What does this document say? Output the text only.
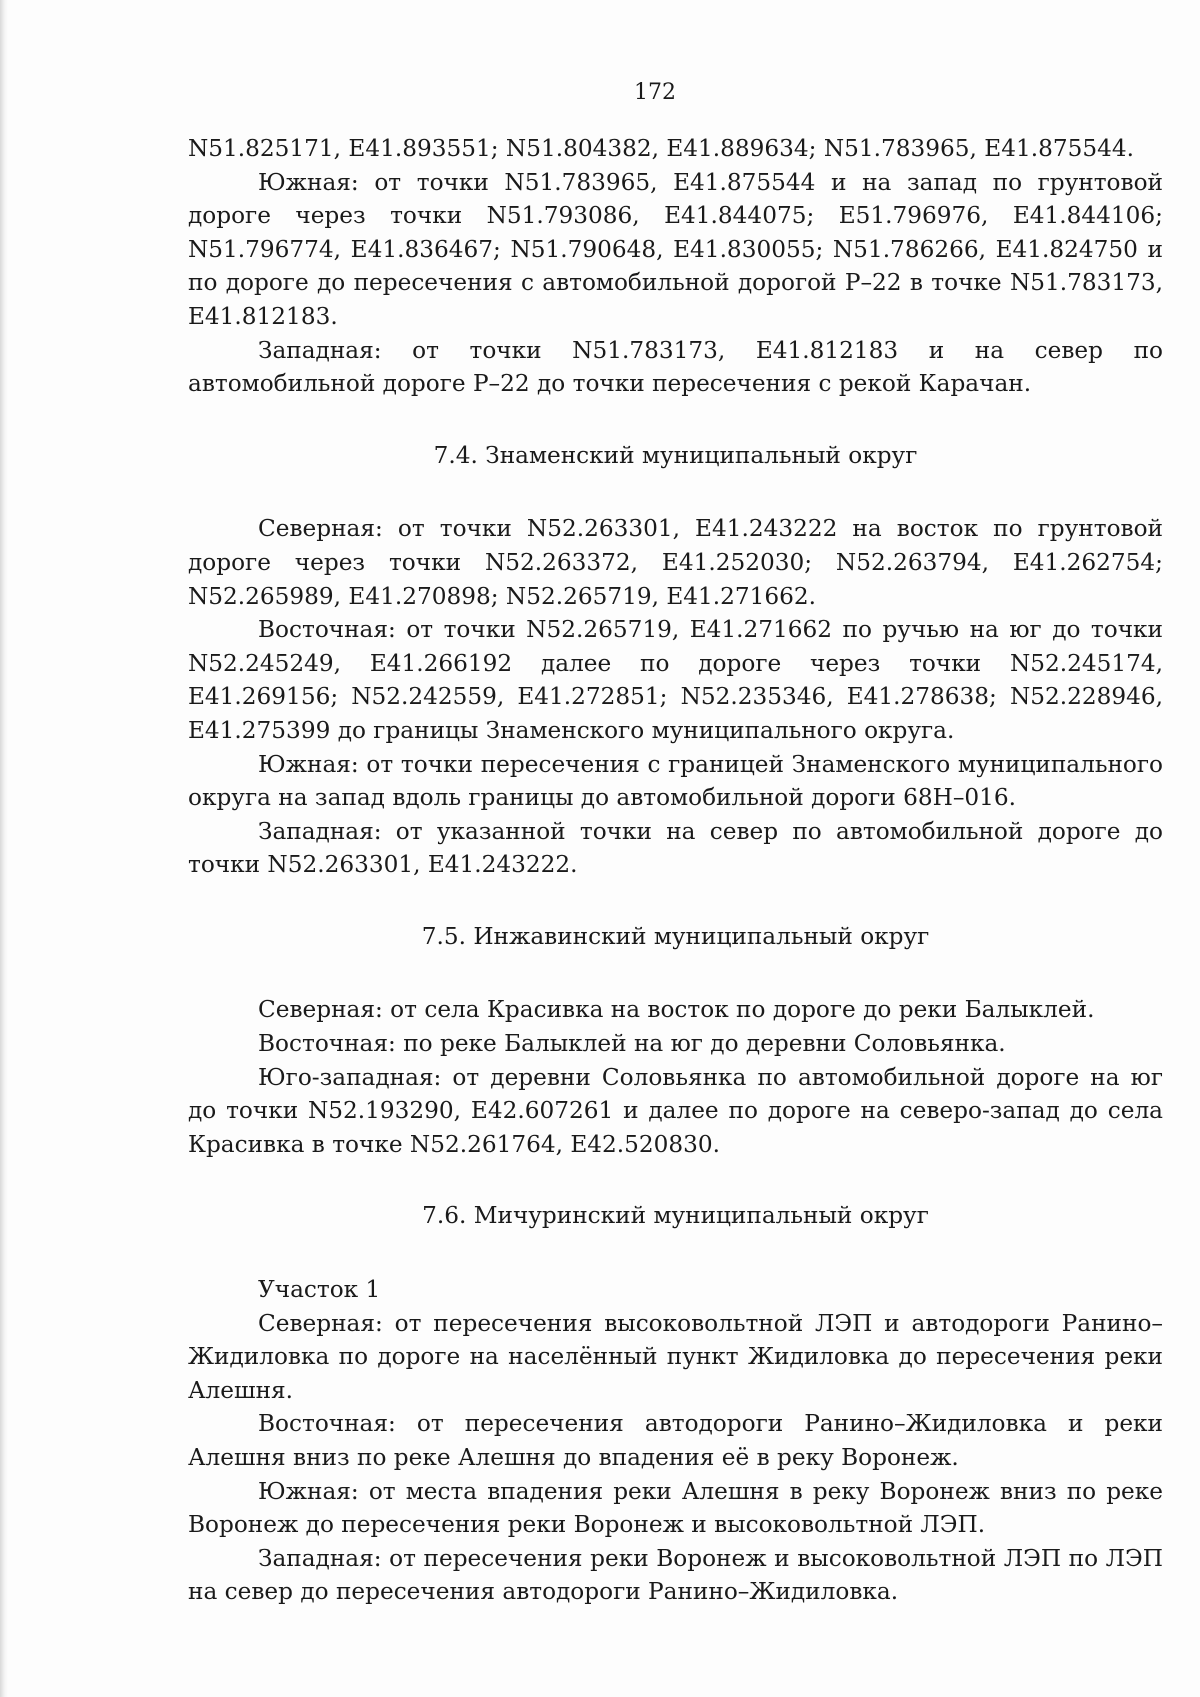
172

N51.825171, E41.893551; N51.804382, E41.889634; N51.783965, E41.875544.

Южная: от точки N51.783965, E41.875544 и на запад по грунтовой дороге через точки N51.793086, E41.844075; E51.796976, E41.844106; N51.796774, E41.836467; N51.790648, E41.830055; N51.786266, E41.824750 и по дороге до пересечения с автомобильной дорогой Р–22 в точке N51.783173, E41.812183.

Западная: от точки N51.783173, E41.812183 и на север по автомобильной дороге Р–22 до точки пересечения с рекой Карачан.

7.4. Знаменский муниципальный округ

Северная: от точки N52.263301, E41.243222 на восток по грунтовой дороге через точки N52.263372, E41.252030; N52.263794, E41.262754; N52.265989, E41.270898; N52.265719, E41.271662.

Восточная: от точки N52.265719, E41.271662 по ручью на юг до точки N52.245249, E41.266192 далее по дороге через точки N52.245174, E41.269156; N52.242559, E41.272851; N52.235346, E41.278638; N52.228946, E41.275399 до границы Знаменского муниципального округа.

Южная: от точки пересечения с границей Знаменского муниципального округа на запад вдоль границы до автомобильной дороги 68Н–016.

Западная: от указанной точки на север по автомобильной дороге до точки N52.263301, E41.243222.

7.5. Инжавинский муниципальный округ

Северная: от села Красивка на восток по дороге до реки Балыклей.

Восточная: по реке Балыклей на юг до деревни Соловьянка.

Юго-западная: от деревни Соловьянка по автомобильной дороге на юг до точки N52.193290, E42.607261 и далее по дороге на северо-запад до села Красивка в точке N52.261764, E42.520830.

7.6. Мичуринский муниципальный округ

Участок 1

Северная: от пересечения высоковольтной ЛЭП и автодороги Ранино–Жидиловка по дороге на населённый пункт Жидиловка до пересечения реки Алешня.

Восточная: от пересечения автодороги Ранино–Жидиловка и реки Алешня вниз по реке Алешня до впадения её в реку Воронеж.

Южная: от места впадения реки Алешня в реку Воронеж вниз по реке Воронеж до пересечения реки Воронеж и высоковольтной ЛЭП.

Западная: от пересечения реки Воронеж и высоковольтной ЛЭП по ЛЭП на север до пересечения автодороги Ранино–Жидиловка.
